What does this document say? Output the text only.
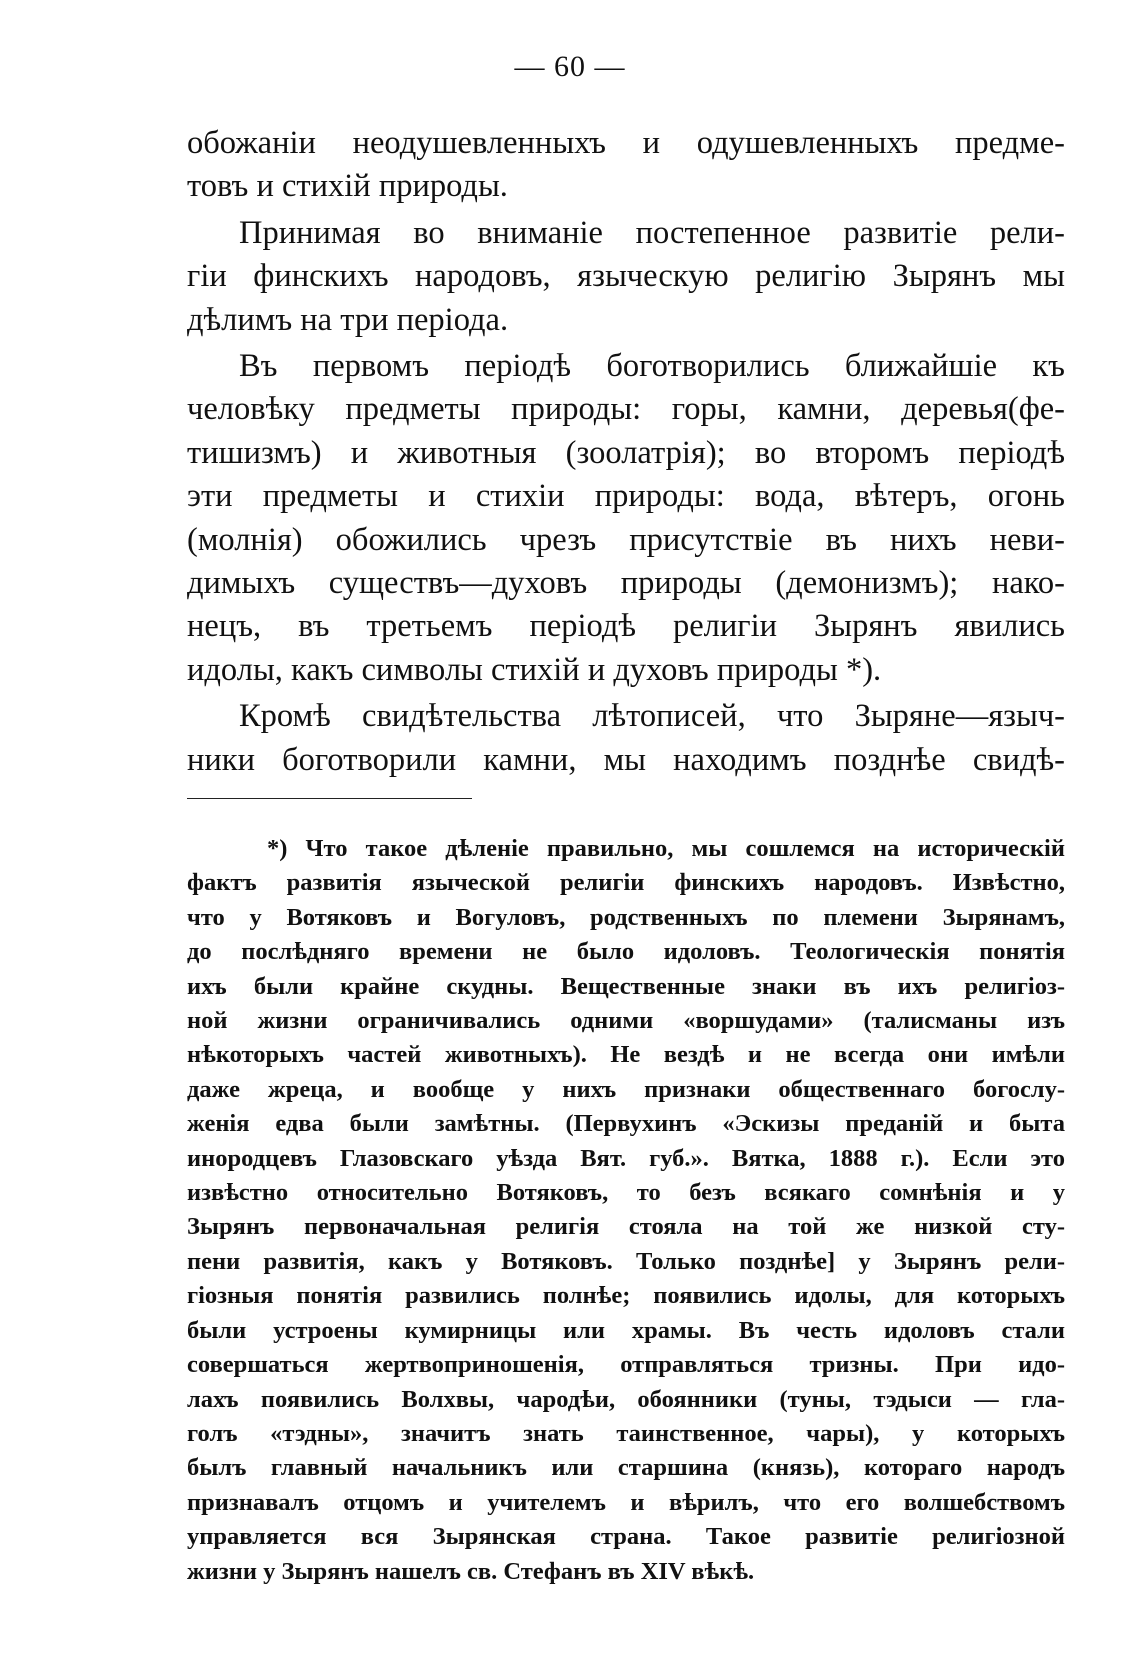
— 60 —
обожаніи неодушевленныхъ и одушевленныхъ предме-
товъ и стихій природы.
Принимая во вниманіе постепенное развитіе рели-
гіи финскихъ народовъ, языческую религію Зырянъ мы
дѣлимъ на три періода.
Въ первомъ періодѣ боготворились ближайшіе къ
человѣку предметы природы: горы, камни, деревья(фе-
тишизмъ) и животныя (зоолатрія); во второмъ періодѣ
эти предметы и стихіи природы: вода, вѣтеръ, огонь
(молнія) обожились чрезъ присутствіе въ нихъ неви-
димыхъ существъ—духовъ природы (демонизмъ); нако-
нецъ, въ третьемъ періодѣ религіи Зырянъ явились
идолы, какъ символы стихій и духовъ природы *).
Кромѣ свидѣтельства лѣтописей, что Зыряне—языч-
ники боготворили камни, мы находимъ позднѣе свидѣ-
*) Что такое дѣленіе правильно, мы сошлемся на историческій
фактъ развитія языческой религіи финскихъ народовъ. Извѣстно,
что у Вотяковъ и Вогуловъ, родственныхъ по племени Зырянамъ,
до послѣдняго времени не было идоловъ. Теологическія понятія
ихъ были крайне скудны. Вещественные знаки въ ихъ религіоз-
ной жизни ограничивались одними «воршудами» (талисманы изъ
нѣкоторыхъ частей животныхъ). Не вездѣ и не всегда они имѣли
даже жреца, и вообще у нихъ признаки общественнаго богослу-
женія едва были замѣтны. (Первухинъ «Эскизы преданій и быта
инородцевъ Глазовскаго уѣзда Вят. губ.». Вятка, 1888 г.). Если это
извѣстно относительно Вотяковъ, то безъ всякаго сомнѣнія и у
Зырянъ первоначальная религія стояла на той же низкой сту-
пени развитія, какъ у Вотяковъ. Только позднѣе] у Зырянъ рели-
гіозныя понятія развились полнѣе; появились идолы, для которыхъ
были устроены кумирницы или храмы. Въ честь идоловъ стали
совершаться жертвоприношенія, отправляться тризны. При идо-
лахъ появились Волхвы, чародѣи, обоянники (туны, тэдыси — гла-
голъ «тэдны», значитъ знать таинственное, чары), у которыхъ
былъ главный начальникъ или старшина (князь), котораго народъ
признавалъ отцомъ и учителемъ и вѣрилъ, что его волшебствомъ
управляется вся Зырянская страна. Такое развитіе религіозной
жизни у Зырянъ нашелъ св. Стефанъ въ XIV вѣкѣ.
